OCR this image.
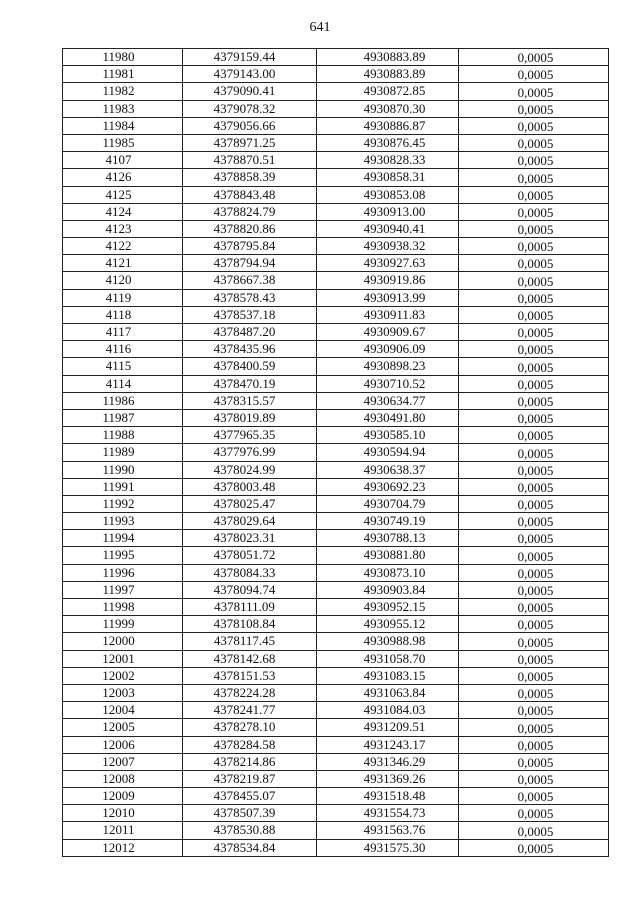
641
11980	4379159.44	4930883.89	0,0005
11981	4379143.00	4930883.89	0,0005
11982	4379090.41	4930872.85	0,0005
11983	4379078.32	4930870.30	0,0005
11984	4379056.66	4930886.87	0,0005
11985	4378971.25	4930876.45	0,0005
4107	4378870.51	4930828.33	0,0005
4126	4378858.39	4930858.31	0,0005
4125	4378843.48	4930853.08	0,0005
4124	4378824.79	4930913.00	0,0005
4123	4378820.86	4930940.41	0,0005
4122	4378795.84	4930938.32	0,0005
4121	4378794.94	4930927.63	0,0005
4120	4378667.38	4930919.86	0,0005
4119	4378578.43	4930913.99	0,0005
4118	4378537.18	4930911.83	0,0005
4117	4378487.20	4930909.67	0,0005
4116	4378435.96	4930906.09	0,0005
4115	4378400.59	4930898.23	0,0005
4114	4378470.19	4930710.52	0,0005
11986	4378315.57	4930634.77	0,0005
11987	4378019.89	4930491.80	0,0005
11988	4377965.35	4930585.10	0,0005
11989	4377976.99	4930594.94	0,0005
11990	4378024.99	4930638.37	0,0005
11991	4378003.48	4930692.23	0,0005
11992	4378025.47	4930704.79	0,0005
11993	4378029.64	4930749.19	0,0005
11994	4378023.31	4930788.13	0,0005
11995	4378051.72	4930881.80	0,0005
11996	4378084.33	4930873.10	0,0005
11997	4378094.74	4930903.84	0,0005
11998	4378111.09	4930952.15	0,0005
11999	4378108.84	4930955.12	0,0005
12000	4378117.45	4930988.98	0,0005
12001	4378142.68	4931058.70	0,0005
12002	4378151.53	4931083.15	0,0005
12003	4378224.28	4931063.84	0,0005
12004	4378241.77	4931084.03	0,0005
12005	4378278.10	4931209.51	0,0005
12006	4378284.58	4931243.17	0,0005
12007	4378214.86	4931346.29	0,0005
12008	4378219.87	4931369.26	0,0005
12009	4378455.07	4931518.48	0,0005
12010	4378507.39	4931554.73	0,0005
12011	4378530.88	4931563.76	0,0005
12012	4378534.84	4931575.30	0,0005
